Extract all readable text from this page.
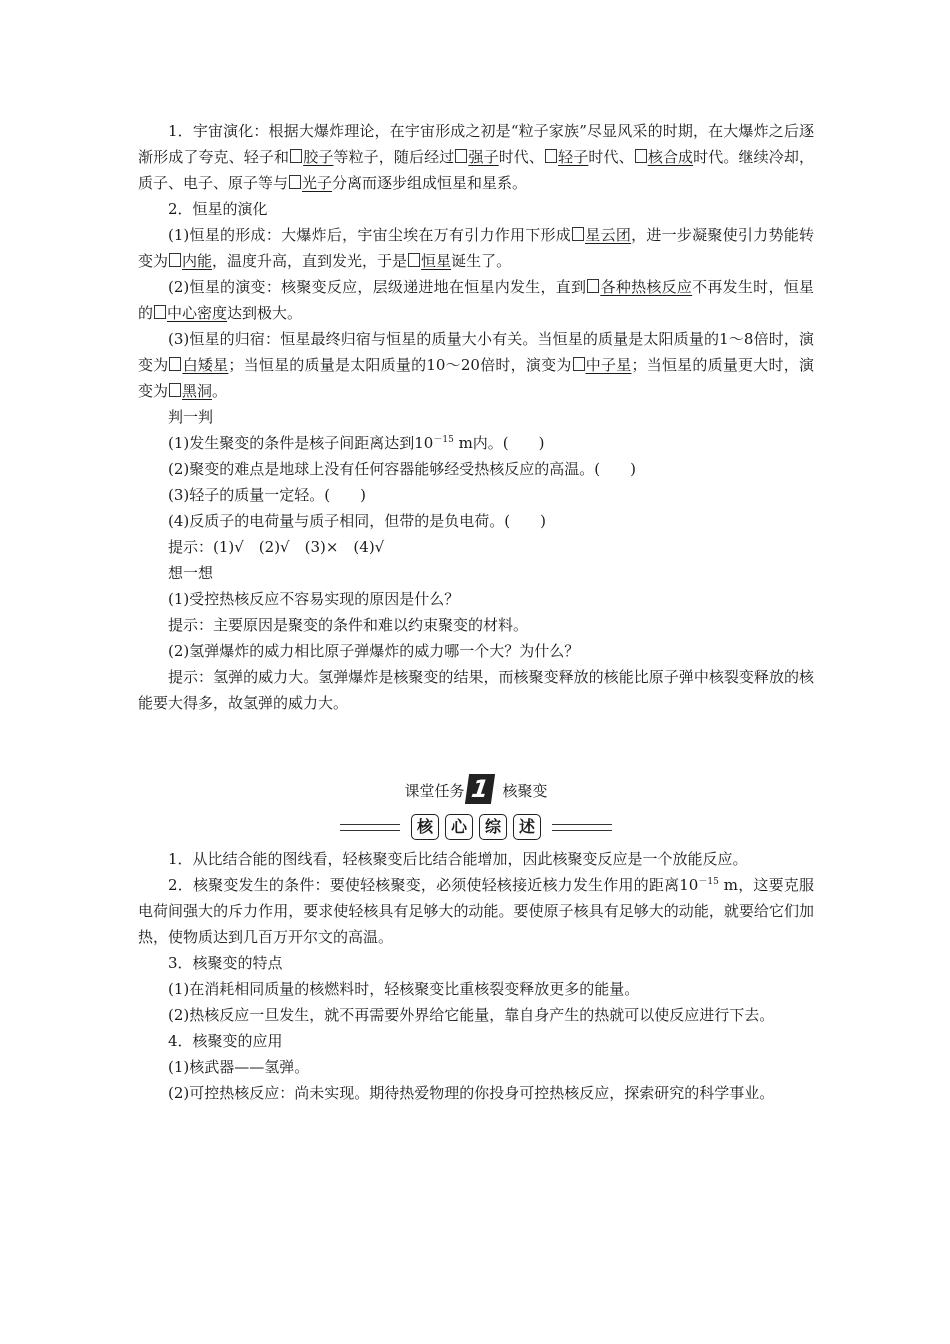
1．宇宙演化：根据大爆炸理论，在宇宙形成之初是“粒子家族”尽显风采的时期，在大爆炸之后逐渐形成了夸克、轻子和 胶子等粒子，随后经过 强子时代、 轻子时代、 核合成时代。继续冷却，质子、电子、原子等与 光子分离而逐步组成恒星和星系。

2．恒星的演化

(1)恒星的形成：大爆炸后，宇宙尘埃在万有引力作用下形成 星云团，进一步凝聚使引力势能转变为 内能，温度升高，直到发光，于是 恒星诞生了。

(2)恒星的演变：核聚变反应，层级递进地在恒星内发生，直到 各种热核反应不再发生时，恒星的 中心密度达到极大。

(3)恒星的归宿：恒星最终归宿与恒星的质量大小有关。当恒星的质量是太阳质量的1～8倍时，演变为 白矮星；当恒星的质量是太阳质量的10～20倍时，演变为 中子星；当恒星的质量更大时，演变为 黑洞。

判一判

(1)发生聚变的条件是核子间距离达到$10^{-15}$ m内。(　　)

(2)聚变的难点是地球上没有任何容器能够经受热核反应的高温。(　　)

(3)轻子的质量一定轻。(　　)

(4)反质子的电荷量与质子相同，但带的是负电荷。(　　)

提示：(1)√　(2)√　(3)×　(4)√

想一想

(1)受控热核反应不容易实现的原因是什么？

提示：主要原因是聚变的条件和难以约束聚变的材料。

(2)氢弹爆炸的威力相比原子弹爆炸的威力哪一个大？为什么？

提示：氢弹的威力大。氢弹爆炸是核聚变的结果，而核聚变释放的核能比原子弹中核裂变释放的核能要大得多，故氢弹的威力大。

课堂任务 1 核聚变
核	心	综	述

1．从比结合能的图线看，轻核聚变后比结合能增加，因此核聚变反应是一个放能反应。

2．核聚变发生的条件：要使轻核聚变，必须使轻核接近核力发生作用的距离$10^{-15}$ m，这要克服电荷间强大的斥力作用，要求使轻核具有足够大的动能。要使原子核具有足够大的动能，就要给它们加热，使物质达到几百万开尔文的高温。

3．核聚变的特点

(1)在消耗相同质量的核燃料时，轻核聚变比重核裂变释放更多的能量。

(2)热核反应一旦发生，就不再需要外界给它能量，靠自身产生的热就可以使反应进行下去。

4．核聚变的应用

(1)核武器——氢弹。

(2)可控热核反应：尚未实现。期待热爱物理的你投身可控热核反应，探索研究的科学事业。
